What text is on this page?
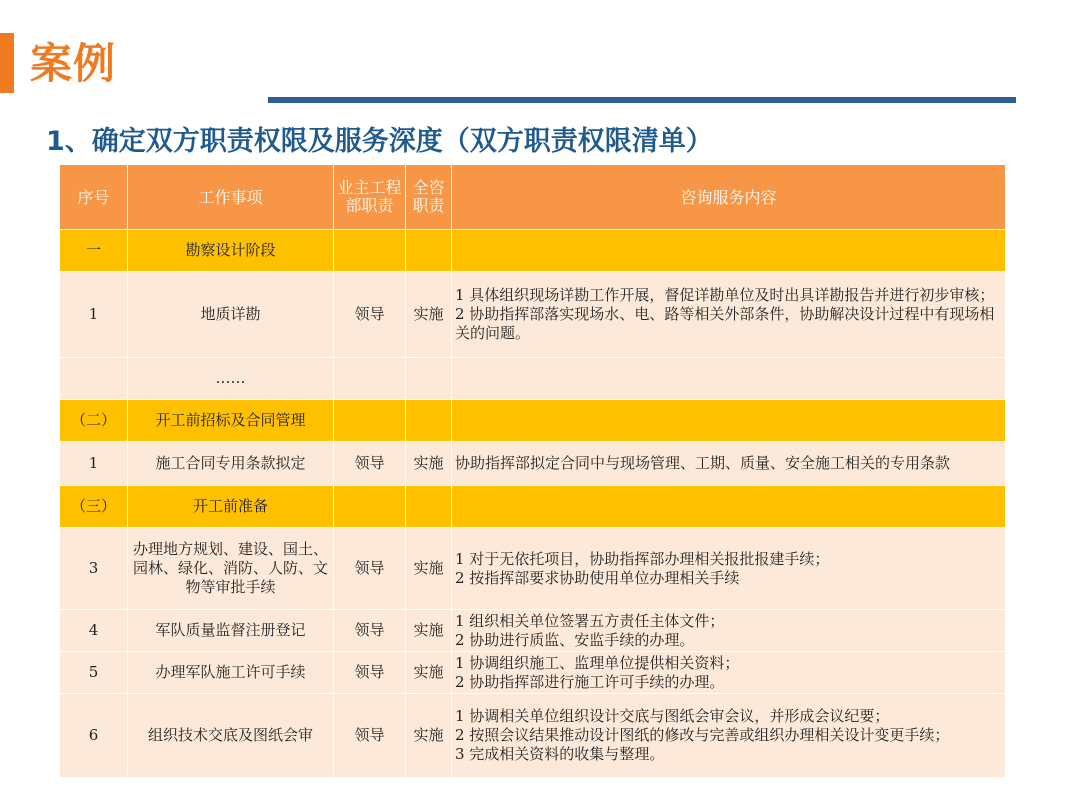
案例
1、确定双方职责权限及服务深度（双方职责权限清单）
序号	工作事项	业主工程部职责	全咨职责	咨询服务内容
一	勘察设计阶段			
1	地质详勘	领导	实施	1 具体组织现场详勘工作开展，督促详勘单位及时出具详勘报告并进行初步审核；
2 协助指挥部落实现场水、电、路等相关外部条件，协助解决设计过程中有现场相关的问题。

	……			
（二）	开工前招标及合同管理			
1	施工合同专用条款拟定	领导	实施	协助指挥部拟定合同中与现场管理、工期、质量、安全施工相关的专用条款

（三）	开工前准备			
3	办理地方规划、建设、国土、园林、绿化、消防、人防、文物等审批手续	领导	实施	1 对于无依托项目，协助指挥部办理相关报批报建手续；
2 按指挥部要求协助使用单位办理相关手续

4	军队质量监督注册登记	领导	实施	1 组织相关单位签署五方责任主体文件；
2 协助进行质监、安监手续的办理。

5	办理军队施工许可手续	领导	实施	1 协调组织施工、监理单位提供相关资料；
2 协助指挥部进行施工许可手续的办理。

6	组织技术交底及图纸会审	领导	实施	1 协调相关单位组织设计交底与图纸会审会议，并形成会议纪要；
2 按照会议结果推动设计图纸的修改与完善或组织办理相关设计变更手续；
3 完成相关资料的收集与整理。
